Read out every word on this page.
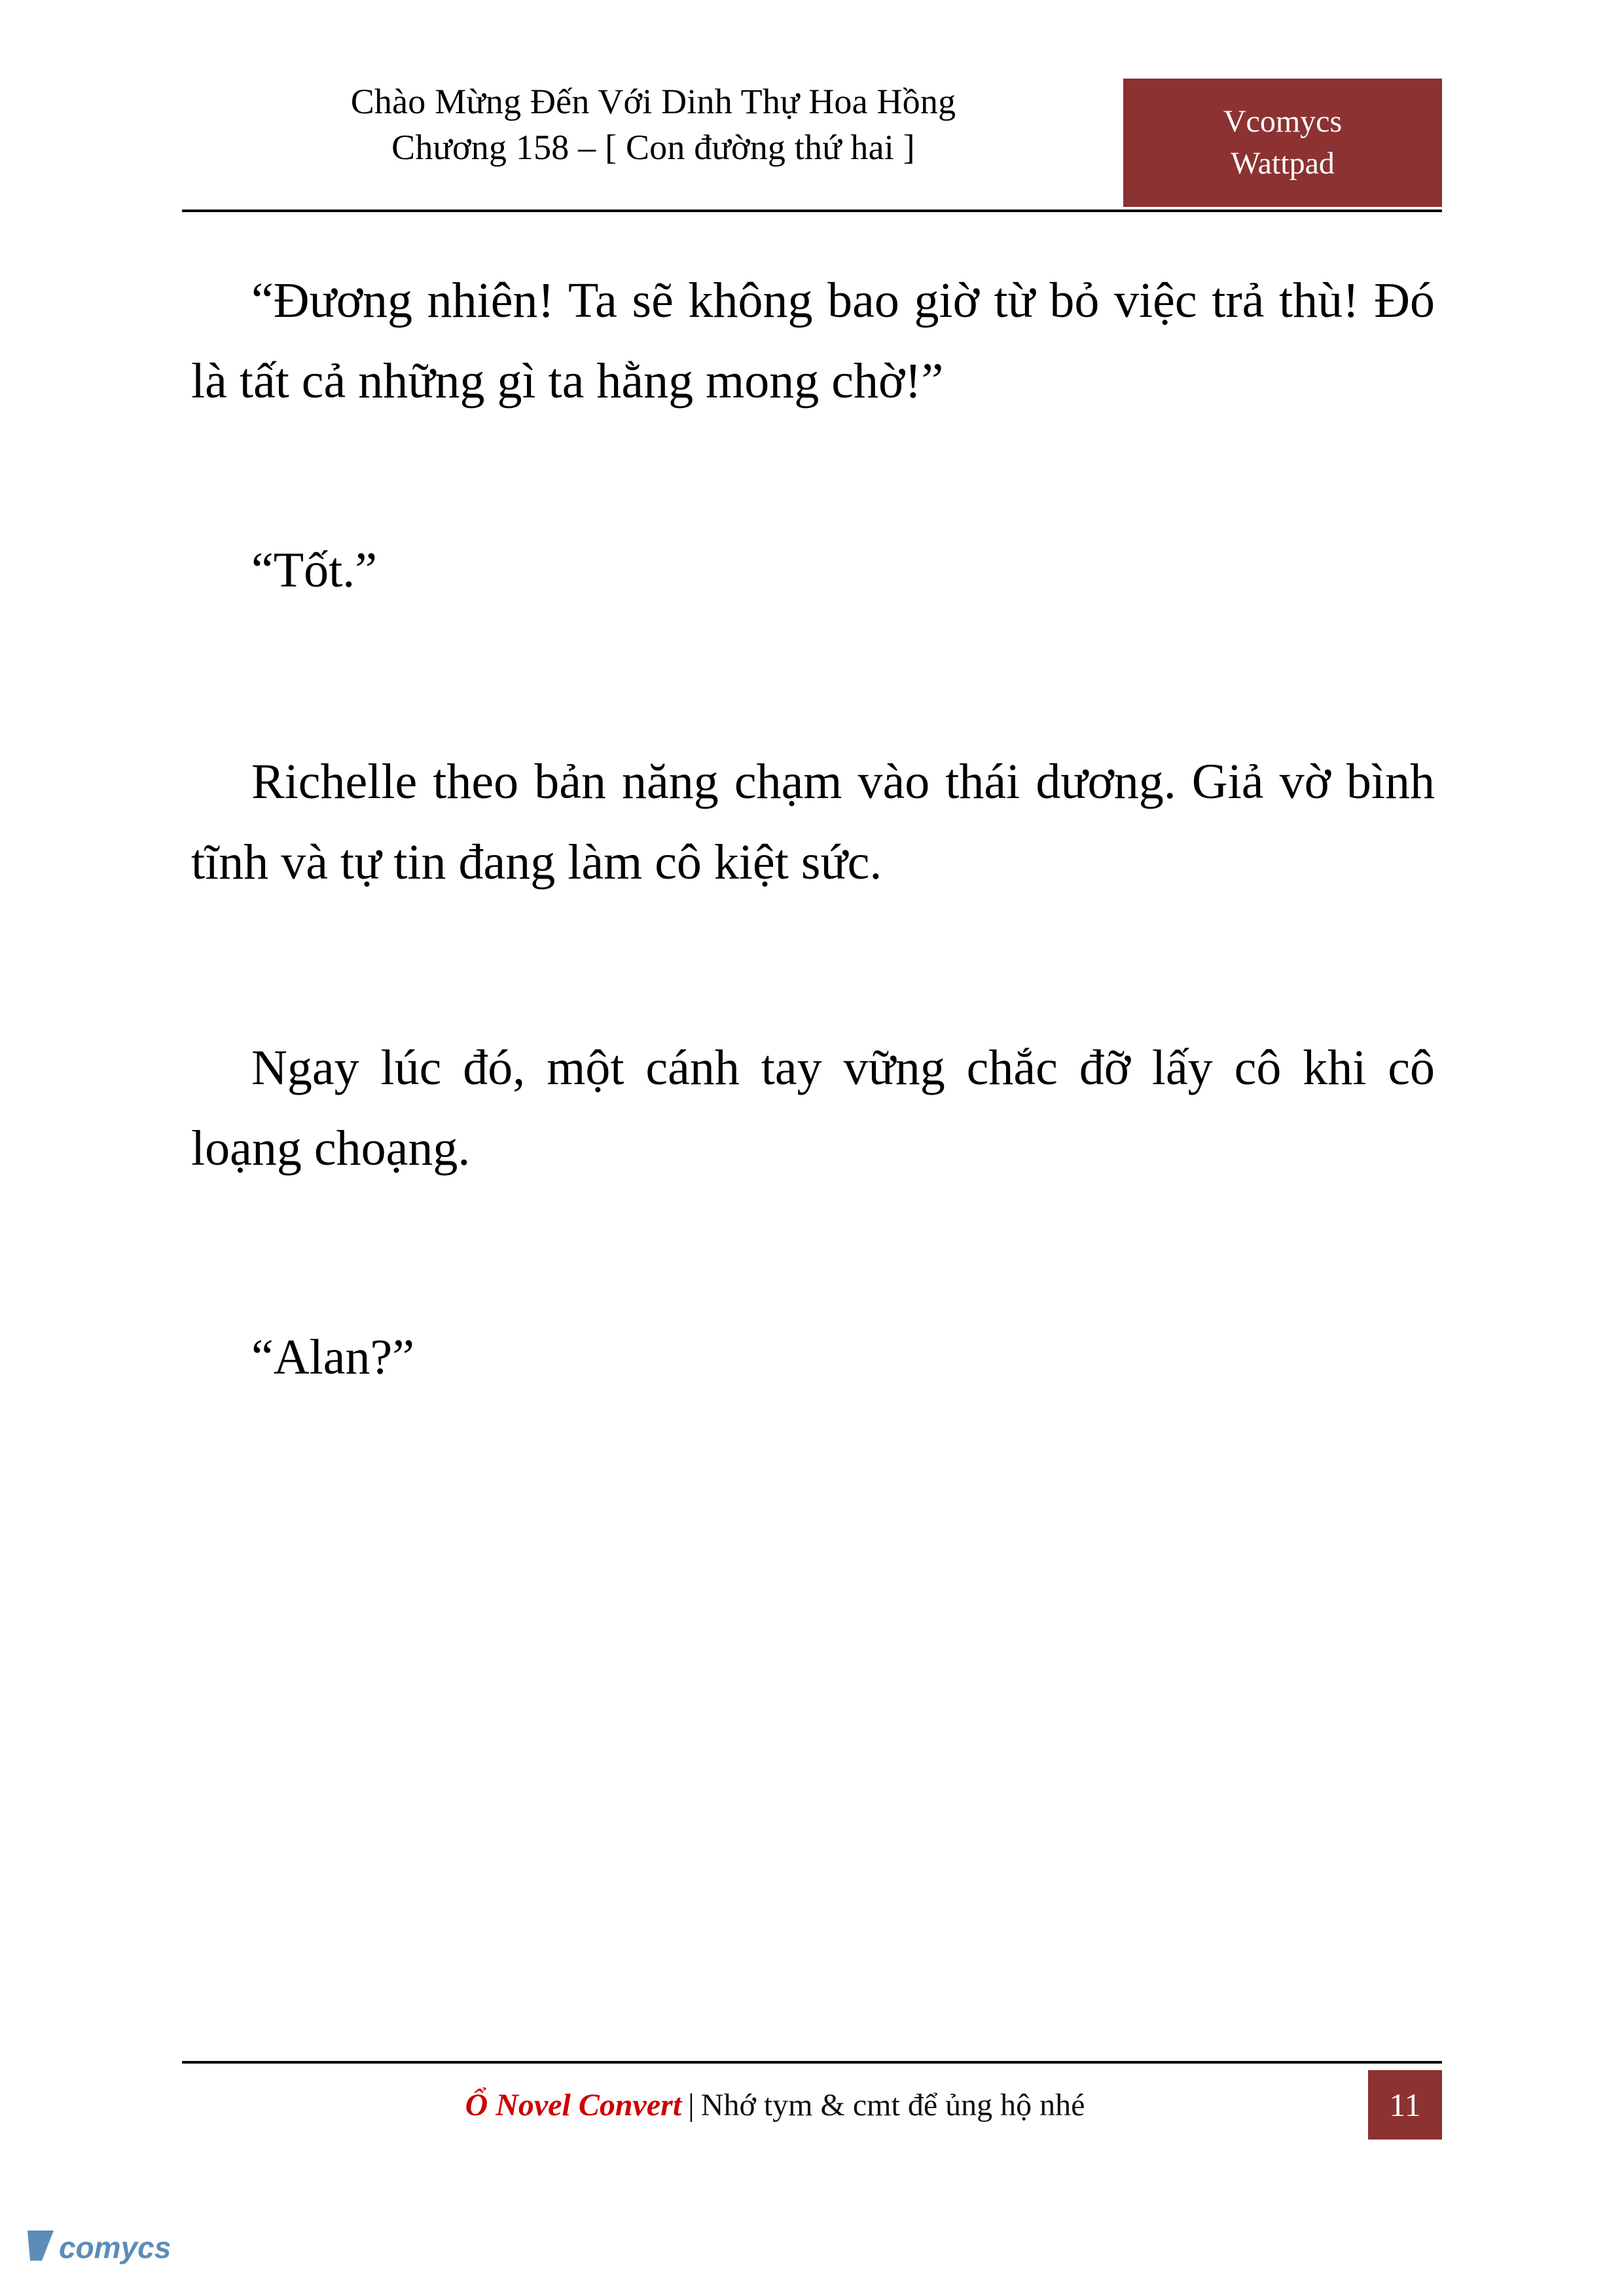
Chào Mừng Đến Với Dinh Thự Hoa Hồng
Chương 158 – [ Con đường thứ hai ]
Vcomycs
Wattpad

“Đương nhiên! Ta sẽ không bao giờ từ bỏ việc trả thù! Đó là tất cả những gì ta hằng mong chờ!”

“Tốt.”

Richelle theo bản năng chạm vào thái dương. Giả vờ bình tĩnh và tự tin đang làm cô kiệt sức.

Ngay lúc đó, một cánh tay vững chắc đỡ lấy cô khi cô loạng choạng.

“Alan?”

Ổ Novel Convert | Nhớ tym & cmt để ủng hộ nhé	11
comycs
